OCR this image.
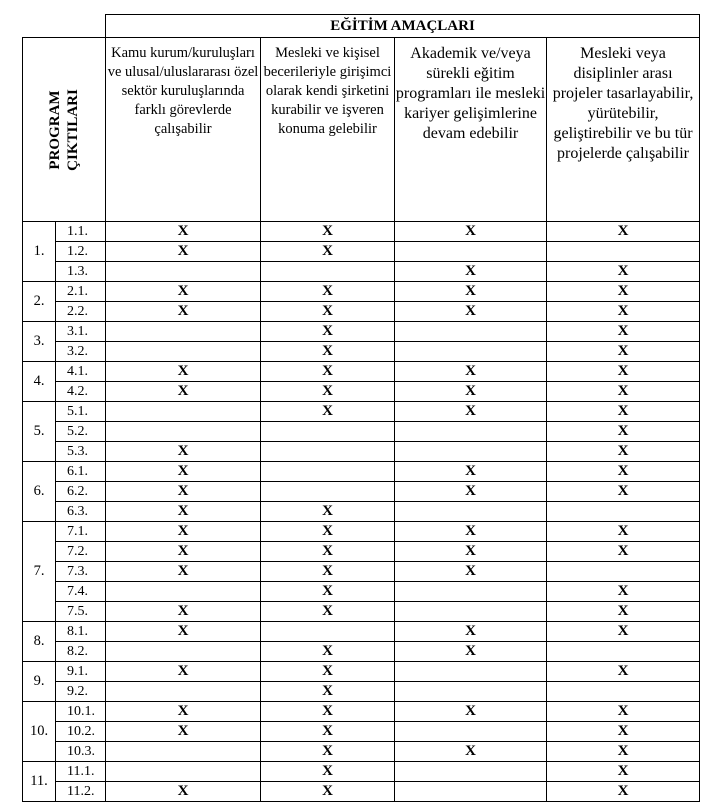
		EĞİTİM AMAÇLARI			
PROGRAM ÇIKTILARI		Kamu kurum/kuruluşları ve ulusal/uluslararası özel sektör kuruluşlarında farklı görevlerde çalışabilir	Mesleki ve kişisel becerileriyle girişimci olarak kendi şirketini kurabilir ve işveren konuma gelebilir	Akademik ve/veya sürekli eğitim programları ile mesleki kariyer gelişimlerine devam edebilir	Mesleki veya disiplinler arası projeler tasarlayabilir, yürütebilir, geliştirebilir ve bu tür projelerde çalışabilir
1.	1.1.	X	X	X	X
	1.2.	X	X		
	1.3.			X	X
2.	2.1.	X	X	X	X
	2.2.	X	X	X	X
3.	3.1.		X		X
	3.2.		X		X
4.	4.1.	X	X	X	X
	4.2.	X	X	X	X
5.	5.1.		X	X	X
	5.2.				X
	5.3.	X			X
6.	6.1.	X		X	X
	6.2.	X		X	X
	6.3.	X	X		
7.	7.1.	X	X	X	X
	7.2.	X	X	X	X
	7.3.	X	X	X	
	7.4.		X		X
	7.5.	X	X		X
8.	8.1.	X		X	X
	8.2.		X	X	
9.	9.1.	X	X		X
	9.2.		X		
10.	10.1.	X	X	X	X
	10.2.	X	X		X
	10.3.		X	X	X
11.	11.1.		X		X
	11.2.	X	X		X
